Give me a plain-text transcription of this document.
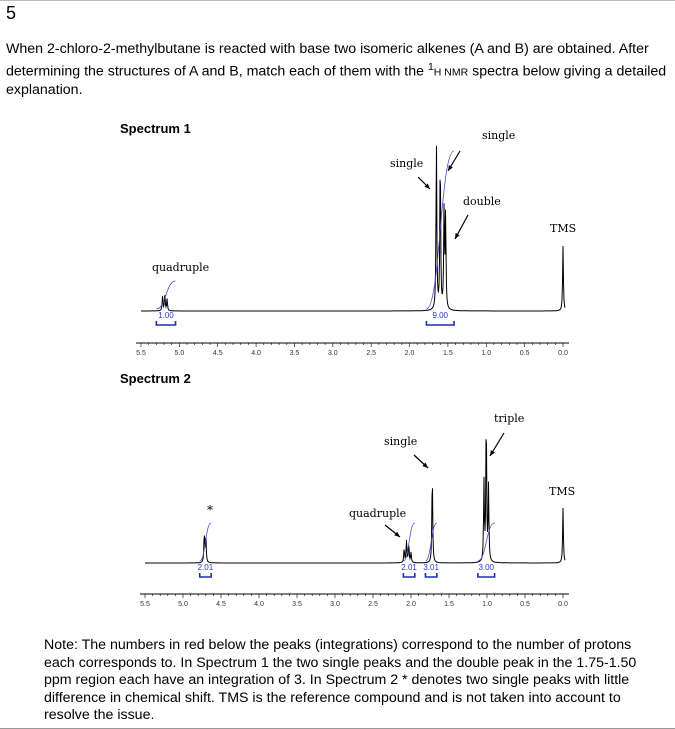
5
When 2-chloro-2-methylbutane is reacted with base two isomeric alkenes (A and B) are obtained. After determining the structures of A and B, match each of them with the $^1$H NMR spectra below giving a detailed explanation.
Spectrum 1
Spectrum 2
1.00	9.00
5.5	5.0	4.5	4.0	3.5	3.0	2.5	2.0	1.5	1.0	0.5	0.0
quadruple
single
single
double
TMS
2.01	2.01 3.01	3.00
5.5	5.0	4.5	4.0	3.5	3.0	2.5	2.0	1.5	1.0	0.5	0.0
*	quadruple
single
triple
TMS
Note: The numbers in red below the peaks (integrations) correspond to the number of protons each corresponds to. In Spectrum 1 the two single peaks and the double peak in the 1.75-1.50 ppm region each have an integration of 3. In Spectrum 2 * denotes two single peaks with little difference in chemical shift. TMS is the reference compound and is not taken into account to resolve the issue.
